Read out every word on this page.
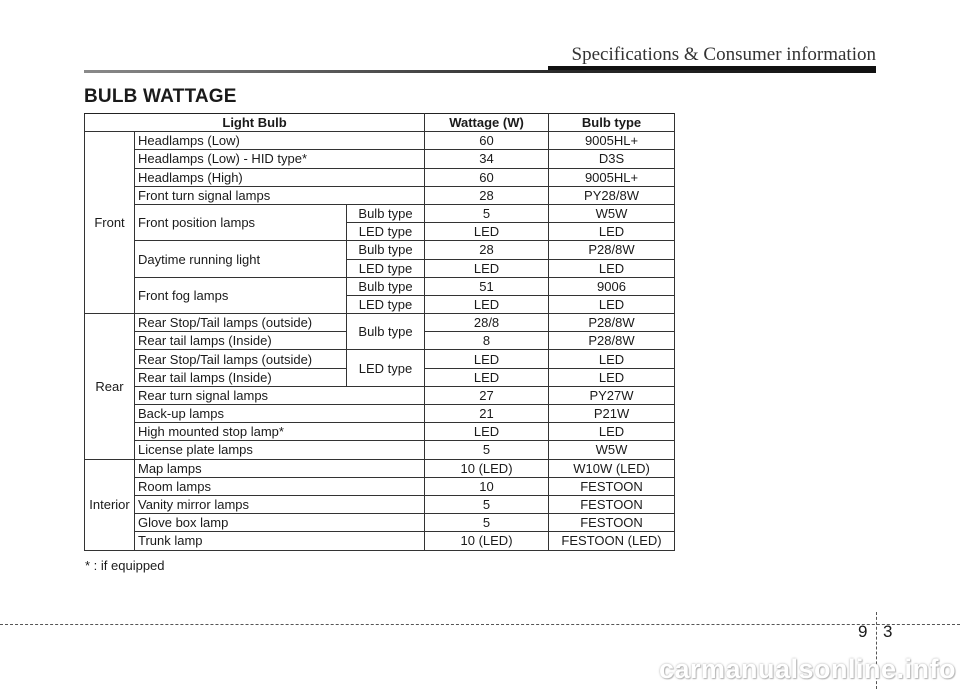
Specifications & Consumer information
BULB WATTAGE
Light Bulb			Wattage (W)	Bulb type
Front	Headlamps (Low)		60	9005HL+
	Headlamps (Low) - HID type*		34	D3S
	Headlamps (High)		60	9005HL+
	Front turn signal lamps		28	PY28/8W
	Front position lamps	Bulb type	5	W5W
		LED type	LED	LED
	Daytime running light	Bulb type	28	P28/8W
		LED type	LED	LED
	Front fog lamps	Bulb type	51	9006
		LED type	LED	LED
Rear	Rear Stop/Tail lamps (outside)	Bulb type	28/8	P28/8W
	Rear tail lamps (Inside)		8	P28/8W
	Rear Stop/Tail lamps (outside)	LED type	LED	LED
	Rear tail lamps (Inside)		LED	LED
	Rear turn signal lamps		27	PY27W
	Back-up lamps		21	P21W
	High mounted stop lamp*		LED	LED
	License plate lamps		5	W5W
Interior	Map lamps		10 (LED)	W10W (LED)
	Room lamps		10	FESTOON
	Vanity mirror lamps		5	FESTOON
	Glove box lamp		5	FESTOON
	Trunk lamp		10 (LED)	FESTOON (LED)
* : if equipped
9 3
carmanualsonline.info
